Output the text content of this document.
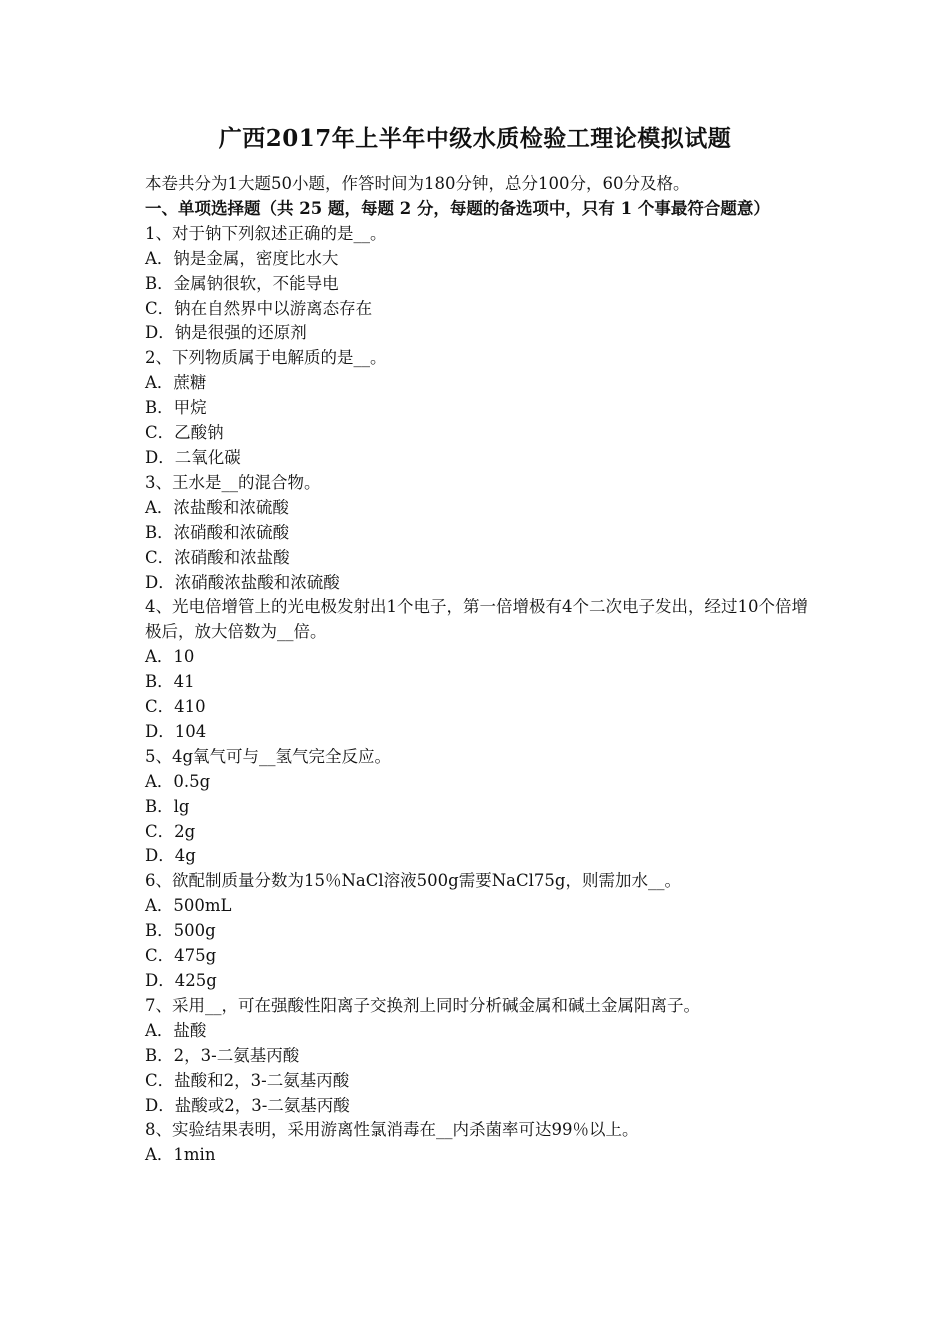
广西2017年上半年中级水质检验工理论模拟试题
本卷共分为1大题50小题，作答时间为180分钟，总分100分，60分及格。
一、单项选择题（共 25 题，每题 2 分，每题的备选项中，只有 1 个事最符合题意）
1、对于钠下列叙述正确的是__。
A．钠是金属，密度比水大
B．金属钠很软，不能导电
C．钠在自然界中以游离态存在
D．钠是很强的还原剂
2、下列物质属于电解质的是__。
A．蔗糖
B．甲烷
C．乙酸钠
D．二氧化碳
3、王水是__的混合物。
A．浓盐酸和浓硫酸
B．浓硝酸和浓硫酸
C．浓硝酸和浓盐酸
D．浓硝酸浓盐酸和浓硫酸
4、光电倍增管上的光电极发射出1个电子，第一倍增极有4个二次电子发出，经过10个倍增极后，放大倍数为__倍。
A．10
B．41
C．410
D．104
5、4g氧气可与__氢气完全反应。
A．0.5g
B．lg
C．2g
D．4g
6、欲配制质量分数为15％NaCl溶液500g需要NaCl75g，则需加水__。
A．500mL
B．500g
C．475g
D．425g
7、采用__，可在强酸性阳离子交换剂上同时分析碱金属和碱土金属阳离子。
A．盐酸
B．2，3-二氨基丙酸
C．盐酸和2，3-二氨基丙酸
D．盐酸或2，3-二氨基丙酸
8、实验结果表明，采用游离性氯消毒在__内杀菌率可达99％以上。
A．1min
